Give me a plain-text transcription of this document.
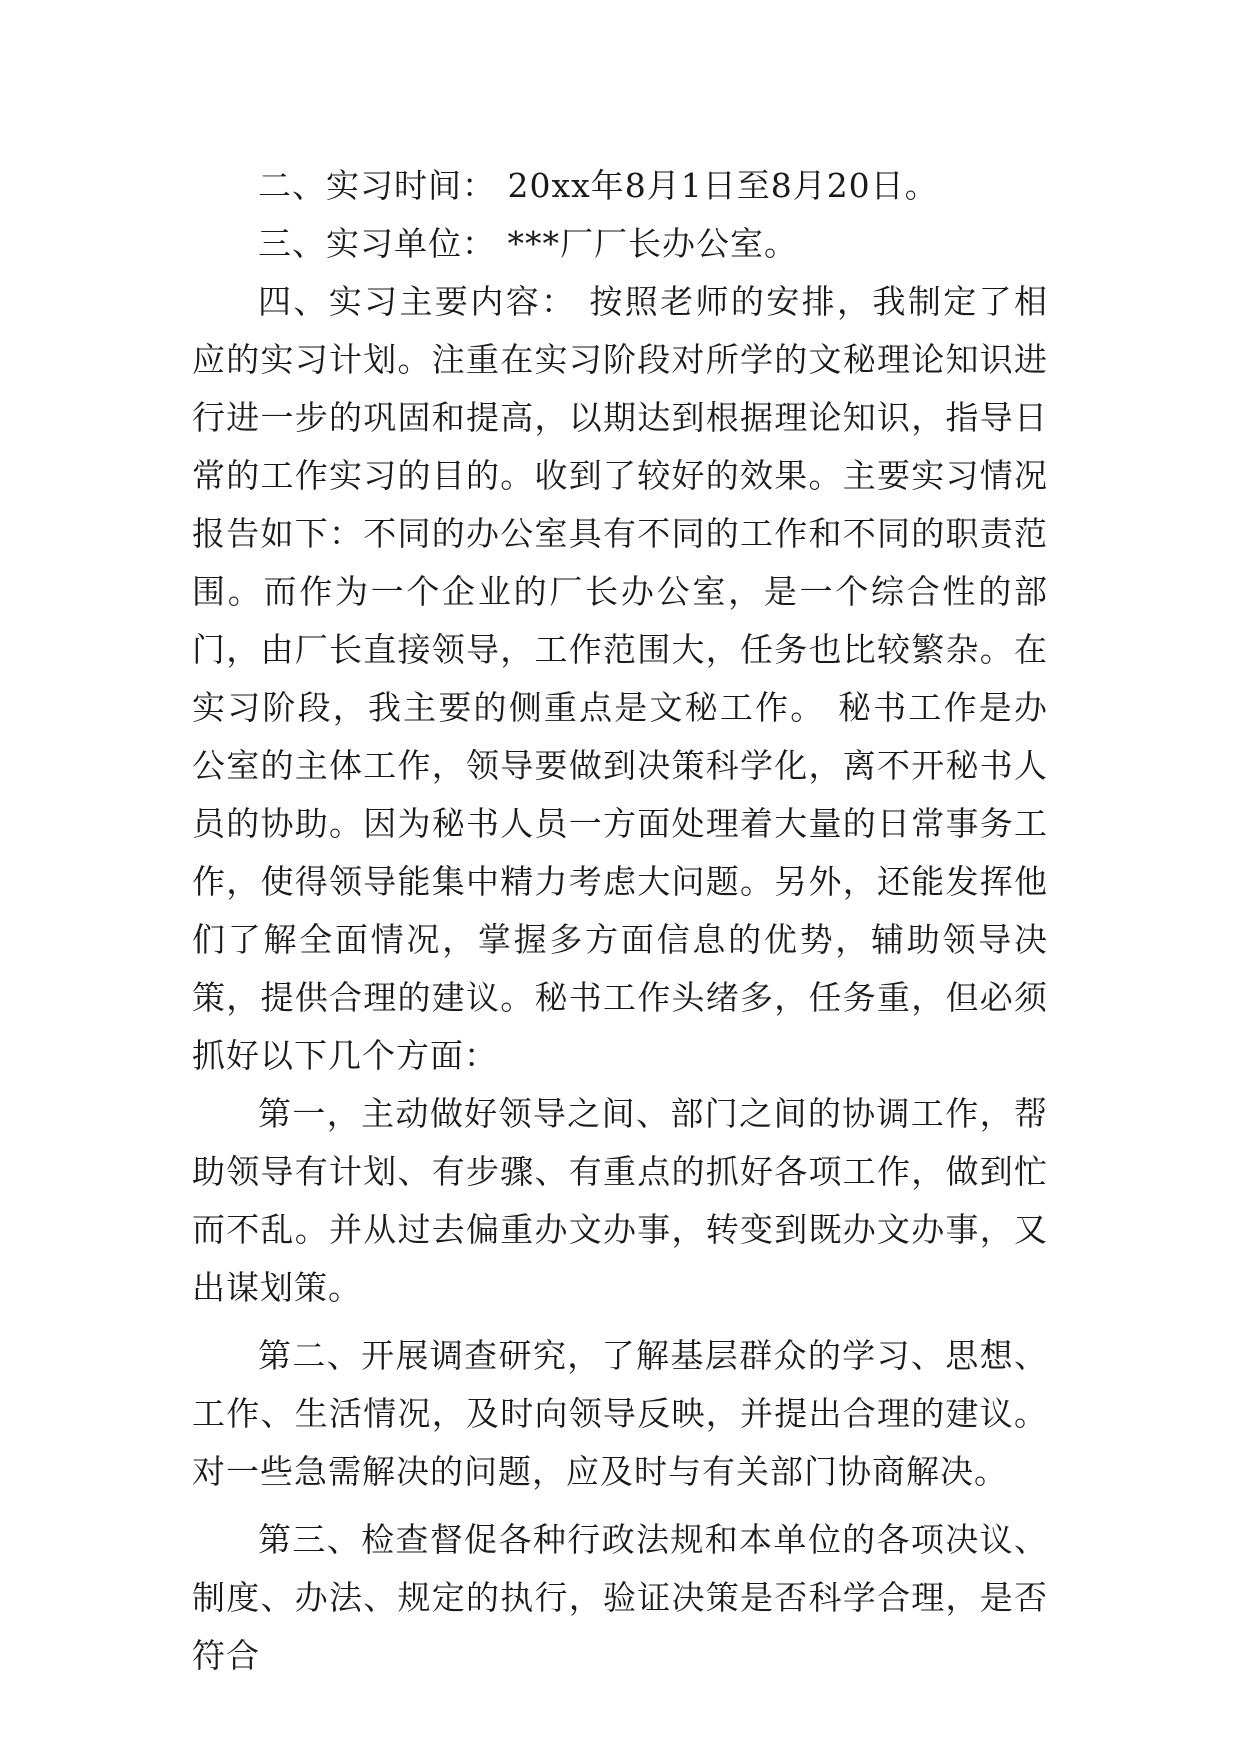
二、实习时间： 20xx年8月1日至8月20日。

三、实习单位： ***厂厂长办公室。

四、实习主要内容： 按照老师的安排，我制定了相应的实习计划。注重在实习阶段对所学的文秘理论知识进行进一步的巩固和提高，以期达到根据理论知识，指导日常的工作实习的目的。收到了较好的效果。主要实习情况报告如下：不同的办公室具有不同的工作和不同的职责范围。而作为一个企业的厂长办公室，是一个综合性的部门，由厂长直接领导，工作范围大，任务也比较繁杂。在实习阶段，我主要的侧重点是文秘工作。 秘书工作是办公室的主体工作，领导要做到决策科学化，离不开秘书人员的协助。因为秘书人员一方面处理着大量的日常事务工作，使得领导能集中精力考虑大问题。另外，还能发挥他们了解全面情况，掌握多方面信息的优势，辅助领导决策，提供合理的建议。秘书工作头绪多，任务重，但必须抓好以下几个方面：

第一，主动做好领导之间、部门之间的协调工作，帮助领导有计划、有步骤、有重点的抓好各项工作，做到忙而不乱。并从过去偏重办文办事，转变到既办文办事，又出谋划策。

第二、开展调查研究，了解基层群众的学习、思想、工作、生活情况，及时向领导反映，并提出合理的建议。对一些急需解决的问题，应及时与有关部门协商解决。

第三、检查督促各种行政法规和本单位的各项决议、制度、办法、规定的执行，验证决策是否科学合理，是否符合
